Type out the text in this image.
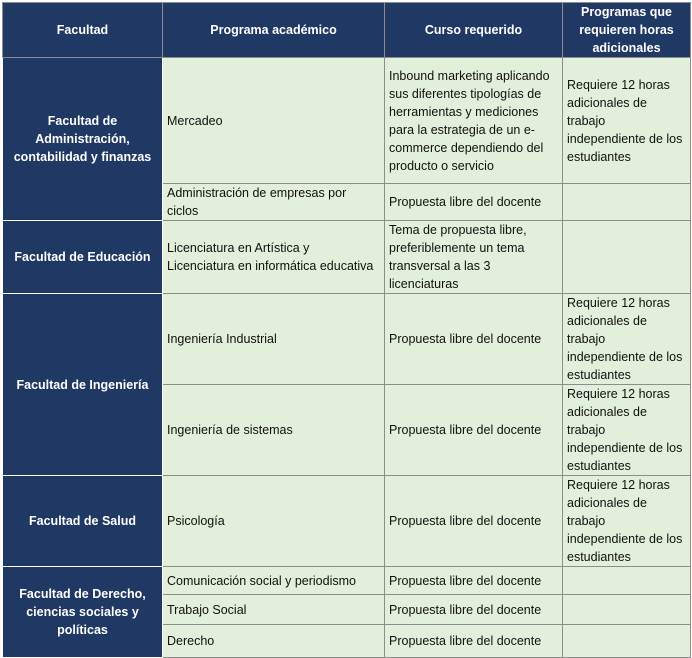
Facultad	Programa académico	Curso requerido	Programas que requieren horas adicionales
Facultad de Administración, contabilidad y finanzas	Mercadeo	Inbound marketing aplicando sus diferentes tipologías de herramientas y mediciones para la estrategia de un e-commerce dependiendo del producto o servicio	Requiere 12 horas adicionales de trabajo independiente de los estudiantes
	Administración de empresas por ciclos	Propuesta libre del docente	
Facultad de Educación	Licenciatura en Artística y Licenciatura en informática educativa	Tema de propuesta libre, preferiblemente un tema transversal a las 3 licenciaturas	
Facultad de Ingeniería	Ingeniería Industrial	Propuesta libre del docente	Requiere 12 horas adicionales de trabajo independiente de los estudiantes
	Ingeniería de sistemas	Propuesta libre del docente	Requiere 12 horas adicionales de trabajo independiente de los estudiantes
Facultad de Salud	Psicología	Propuesta libre del docente	Requiere 12 horas adicionales de trabajo independiente de los estudiantes
Facultad de Derecho, ciencias sociales y políticas	Comunicación social y periodismo	Propuesta libre del docente	
	Trabajo Social	Propuesta libre del docente	
	Derecho	Propuesta libre del docente	
